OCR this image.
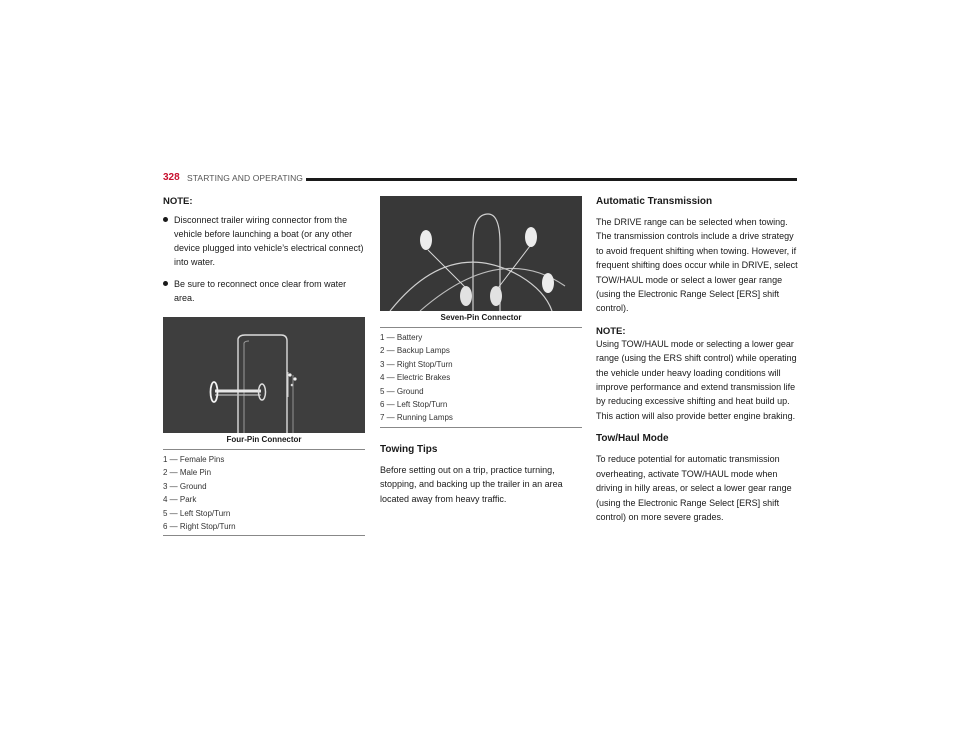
328 STARTING AND OPERATING
NOTE:
Disconnect trailer wiring connector from the vehicle before launching a boat (or any other device plugged into vehicle’s electrical connect) into water.
Be sure to reconnect once clear from water area.
Four-Pin Connector
1 — Female Pins
2 — Male Pin
3 — Ground
4 — Park
5 — Left Stop/Turn
6 — Right Stop/Turn
Seven-Pin Connector
1 — Battery
2 — Backup Lamps
3 — Right Stop/Turn
4 — Electric Brakes
5 — Ground
6 — Left Stop/Turn
7 — Running Lamps
Towing Tips

Before setting out on a trip, practice turning, stopping, and backing up the trailer in an area located away from heavy traffic.

Automatic Transmission

The DRIVE range can be selected when towing. The transmission controls include a drive strategy to avoid frequent shifting when towing. However, if frequent shifting does occur while in DRIVE, select TOW/HAUL mode or select a lower gear range (using the Electronic Range Select [ERS] shift control).

NOTE:

Using TOW/HAUL mode or selecting a lower gear range (using the ERS shift control) while operating the vehicle under heavy loading conditions will improve performance and extend transmission life by reducing excessive shifting and heat build up. This action will also provide better engine braking.

Tow/Haul Mode

To reduce potential for automatic transmission overheating, activate TOW/HAUL mode when driving in hilly areas, or select a lower gear range (using the Electronic Range Select [ERS] shift control) on more severe grades.
